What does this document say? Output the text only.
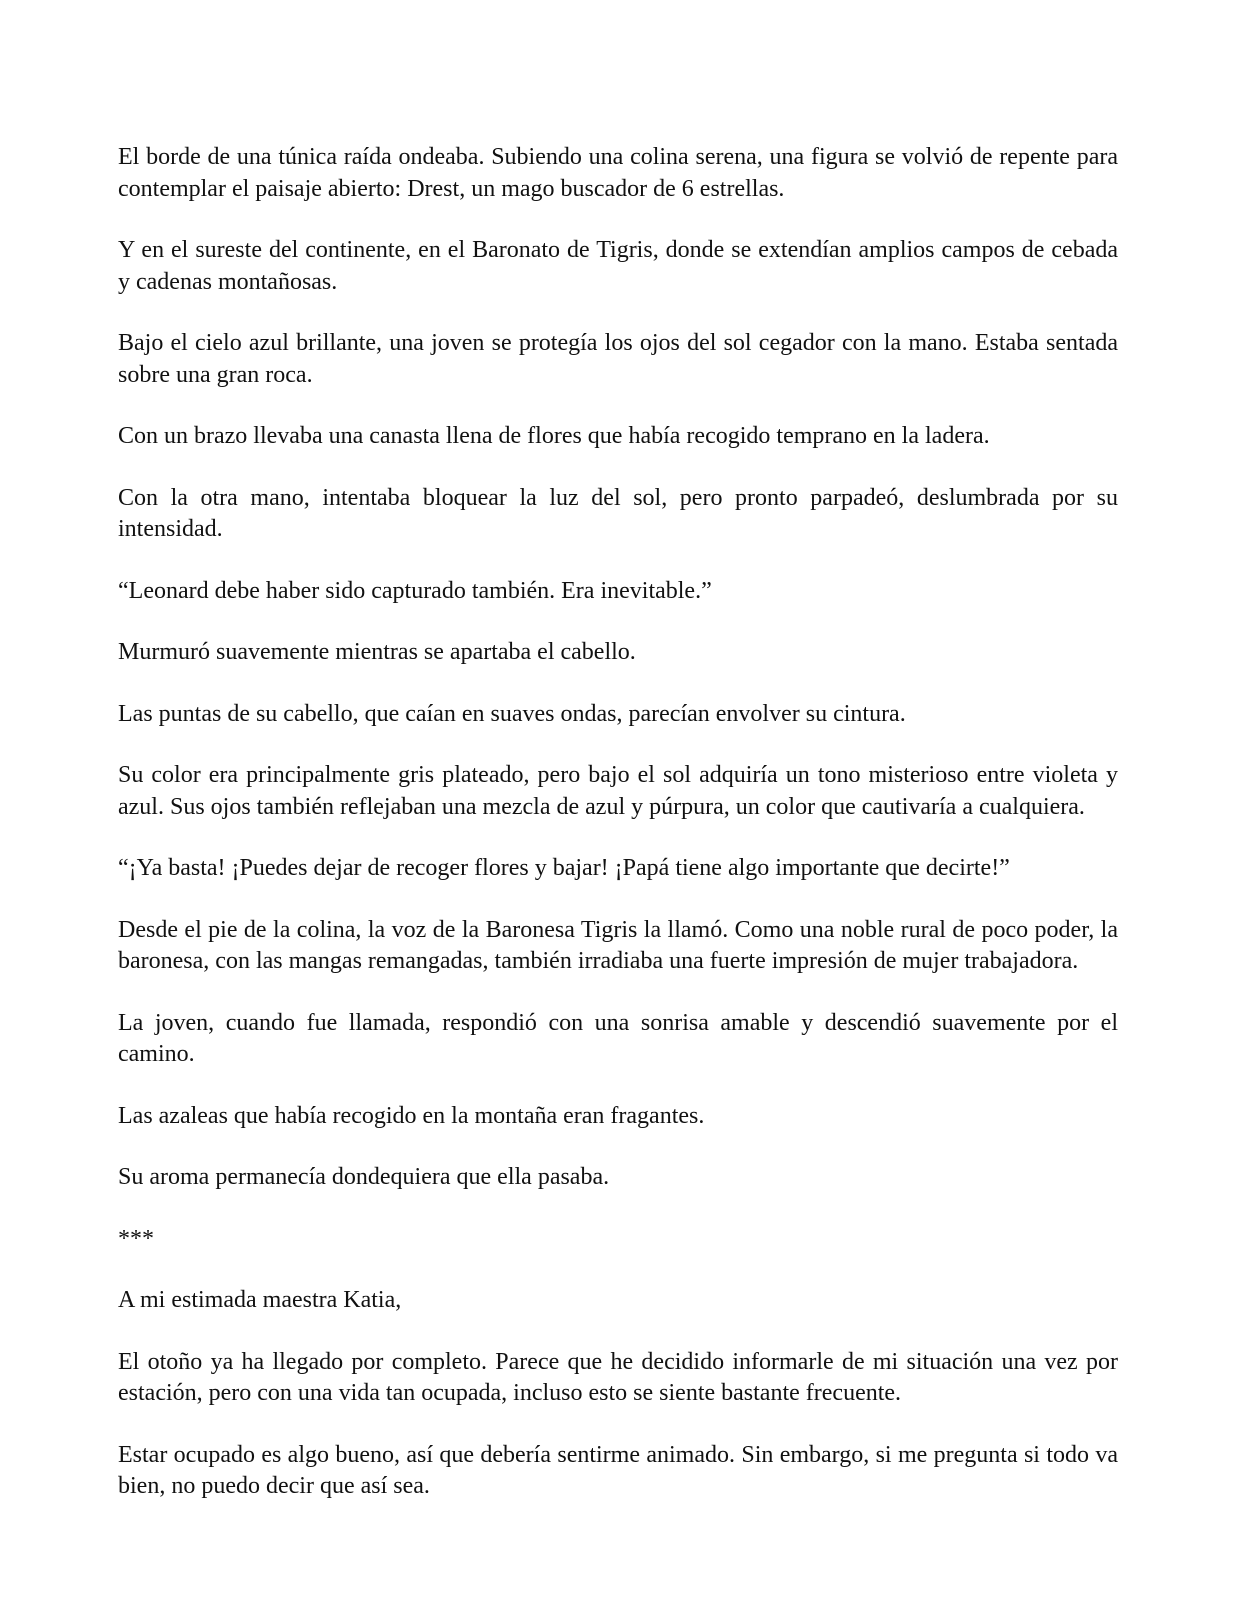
El borde de una túnica raída ondeaba. Subiendo una colina serena, una figura se volvió de repente para contemplar el paisaje abierto: Drest, un mago buscador de 6 estrellas.

Y en el sureste del continente, en el Baronato de Tigris, donde se extendían amplios campos de cebada y cadenas montañosas.

Bajo el cielo azul brillante, una joven se protegía los ojos del sol cegador con la mano. Estaba sentada sobre una gran roca.

Con un brazo llevaba una canasta llena de flores que había recogido temprano en la ladera.

Con la otra mano, intentaba bloquear la luz del sol, pero pronto parpadeó, deslumbrada por su intensidad.

“Leonard debe haber sido capturado también. Era inevitable.”

Murmuró suavemente mientras se apartaba el cabello.

Las puntas de su cabello, que caían en suaves ondas, parecían envolver su cintura.

Su color era principalmente gris plateado, pero bajo el sol adquiría un tono misterioso entre violeta y azul. Sus ojos también reflejaban una mezcla de azul y púrpura, un color que cautivaría a cualquiera.

“¡Ya basta! ¡Puedes dejar de recoger flores y bajar! ¡Papá tiene algo importante que decirte!”

Desde el pie de la colina, la voz de la Baronesa Tigris la llamó. Como una noble rural de poco poder, la baronesa, con las mangas remangadas, también irradiaba una fuerte impresión de mujer trabajadora.

La joven, cuando fue llamada, respondió con una sonrisa amable y descendió suavemente por el camino.

Las azaleas que había recogido en la montaña eran fragantes.

Su aroma permanecía dondequiera que ella pasaba.

***

A mi estimada maestra Katia,

El otoño ya ha llegado por completo. Parece que he decidido informarle de mi situación una vez por estación, pero con una vida tan ocupada, incluso esto se siente bastante frecuente.

Estar ocupado es algo bueno, así que debería sentirme animado. Sin embargo, si me pregunta si todo va bien, no puedo decir que así sea.
